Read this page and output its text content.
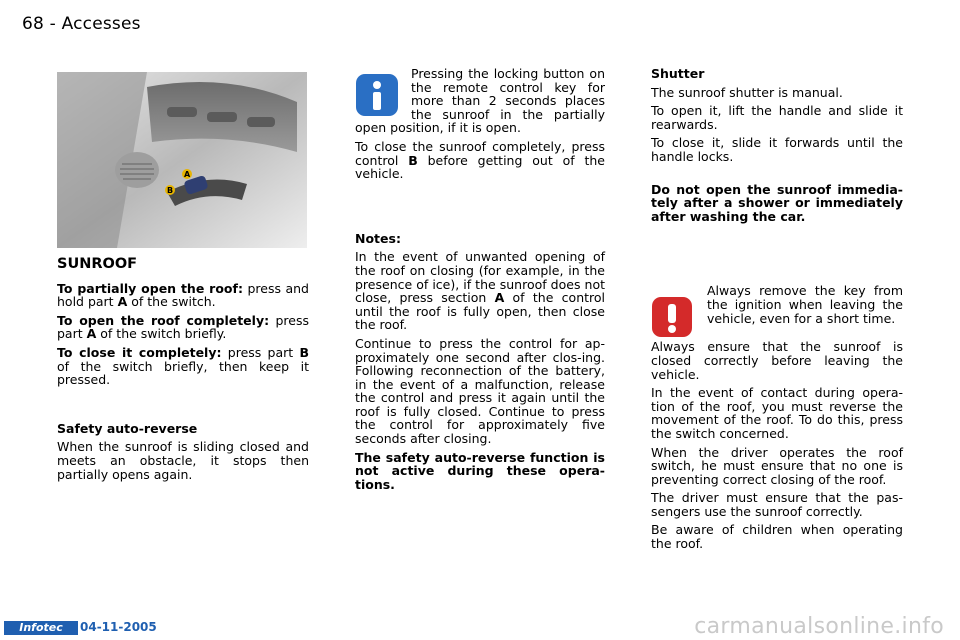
68 - Accesses
A
B
SUNROOF

To partially open the roof: press and hold part A of the switch.

To open the roof completely: press part A of the switch briefly.

To close it completely: press part B of the switch briefly, then keep it pressed.

Safety auto-reverse

When the sunroof is sliding closed and meets an obstacle, it stops then partially opens again.

Pressing the locking button on the remote control key for more than 2 seconds places the sunroof in the partially open position, if it is open.

To close the sunroof completely, press control B before getting out of the vehicle.

Notes:

In the event of unwanted opening of the roof on closing (for example, in the presence of ice), if the sunroof does not close, press section A of the control until the roof is fully open, then close the roof.

Continue to press the control for ap-proximately one second after clos-ing. Following reconnection of the battery, in the event of a malfunction, release the control and press it again until the roof is fully closed. Continue to press the control for approximately five seconds after closing.

The safety auto-reverse function is not active during these opera-tions.

Shutter

The sunroof shutter is manual.

To open it, lift the handle and slide it rearwards.

To close it, slide it forwards until the handle locks.

Do not open the sunroof immedia-tely after a shower or immediately after washing the car.

Always remove the key from the ignition when leaving the vehicle, even for a short time.

Always ensure that the sunroof is closed correctly before leaving the vehicle.

In the event of contact during opera-tion of the roof, you must reverse the movement of the roof. To do this, press the switch concerned.

When the driver operates the roof switch, he must ensure that no one is preventing correct closing of the roof.

The driver must ensure that the pas-sengers use the sunroof correctly.

Be aware of children when operating the roof.

Infotec	04-11-2005	carmanualsonline.info
